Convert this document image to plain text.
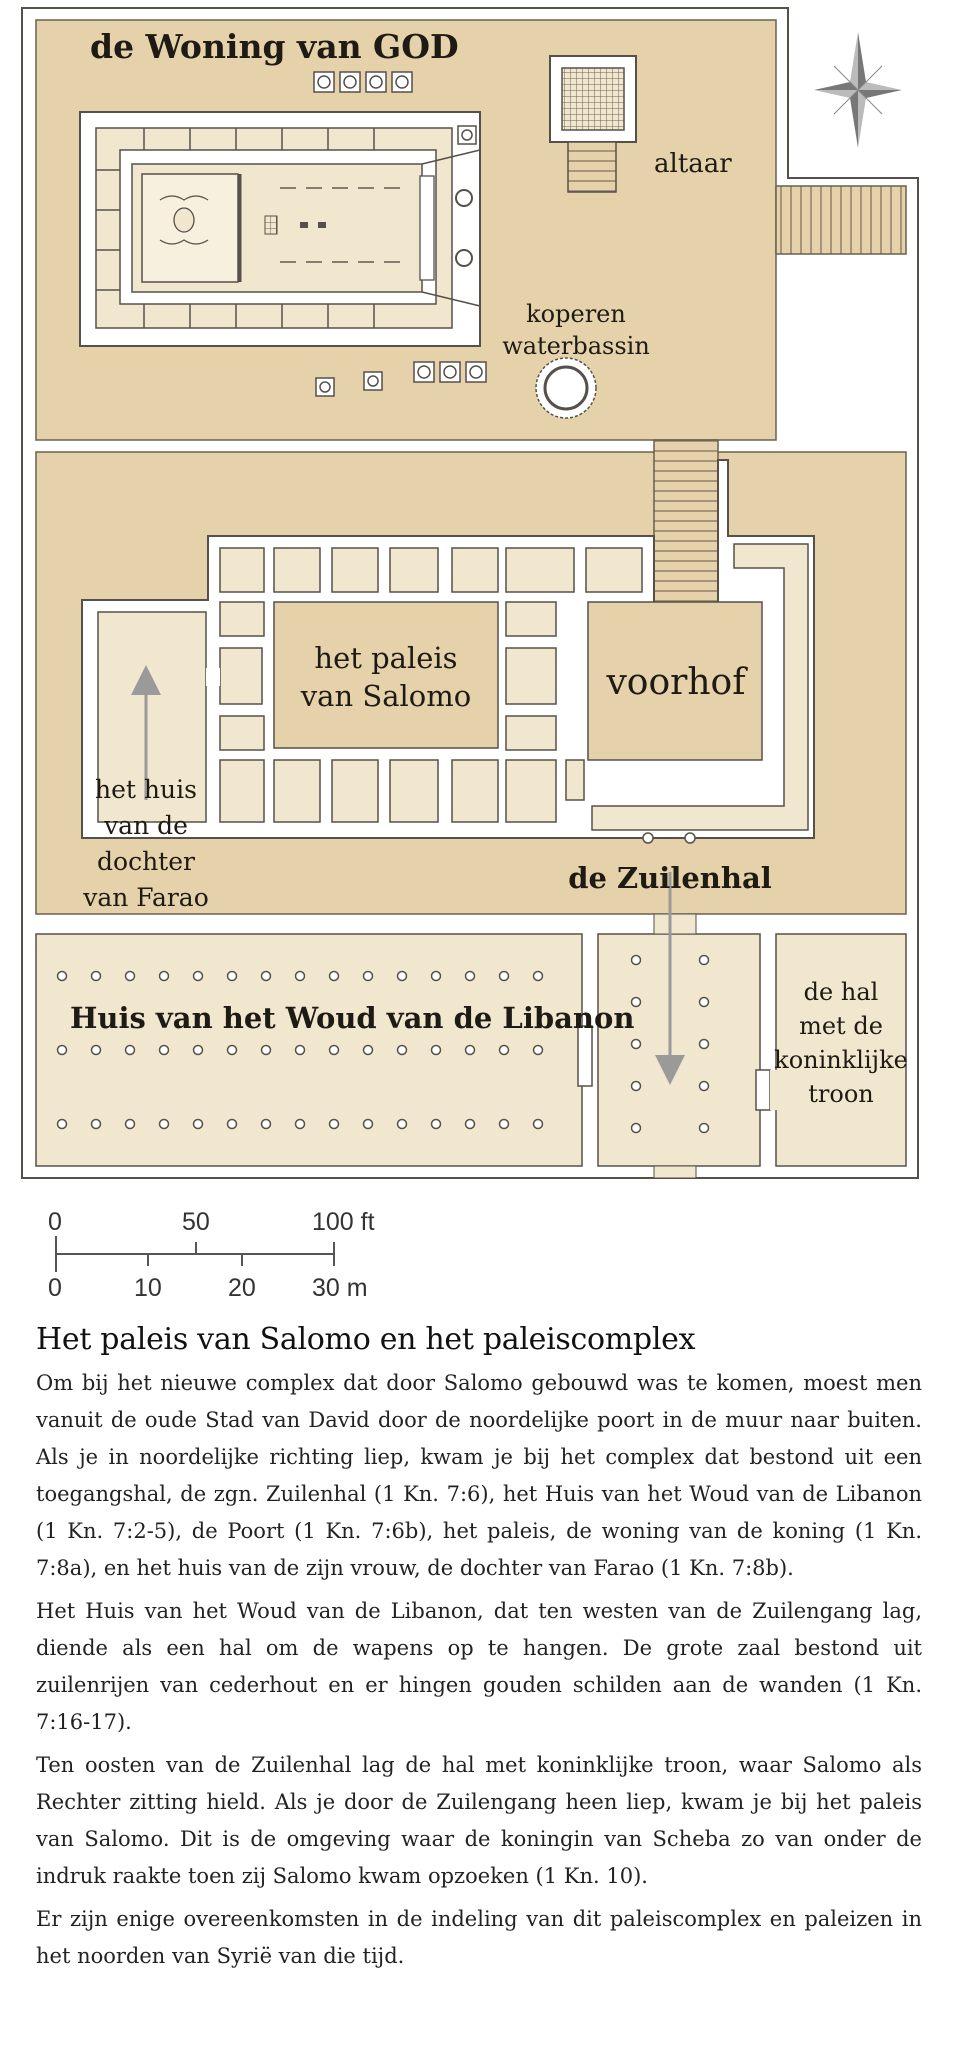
de Woning van GOD
altaar
koperen
waterbassin
het paleis
van Salomo	voorhof
de Zuilenhal
het huis
van de
dochter
van Farao
Huis van het Woud van de Libanon
de hal
met de
koninklijke
troon
0	50	100 ft
0	10	20 30 m
Het paleis van Salomo en het paleiscomplex

Om bij het nieuwe complex dat door Salomo gebouwd was te komen, moest men vanuit de oude Stad van David door de noordelijke poort in de muur naar buiten. Als je in noordelijke richting liep, kwam je bij het complex dat bestond uit een toegangshal, de zgn. Zuilenhal (1 Kn. 7:6), het Huis van het Woud van de Libanon (1 Kn. 7:2-5), de Poort (1 Kn. 7:6b), het paleis, de woning van de koning (1 Kn. 7:8a), en het huis van de zijn vrouw, de dochter van Farao (1 Kn. 7:8b).

Het Huis van het Woud van de Libanon, dat ten westen van de Zuilengang lag, diende als een hal om de wapens op te hangen. De grote zaal bestond uit zuilenrijen van cederhout en er hingen gouden schilden aan de wanden (1 Kn. 7:16-17).

Ten oosten van de Zuilenhal lag de hal met koninklijke troon, waar Salomo als Rechter zitting hield. Als je door de Zuilengang heen liep, kwam je bij het paleis van Salomo. Dit is de omgeving waar de koningin van Scheba zo van onder de indruk raakte toen zij Salomo kwam opzoeken (1 Kn. 10).

Er zijn enige overeenkomsten in de indeling van dit paleiscomplex en paleizen in het noorden van Syrië van die tijd.
